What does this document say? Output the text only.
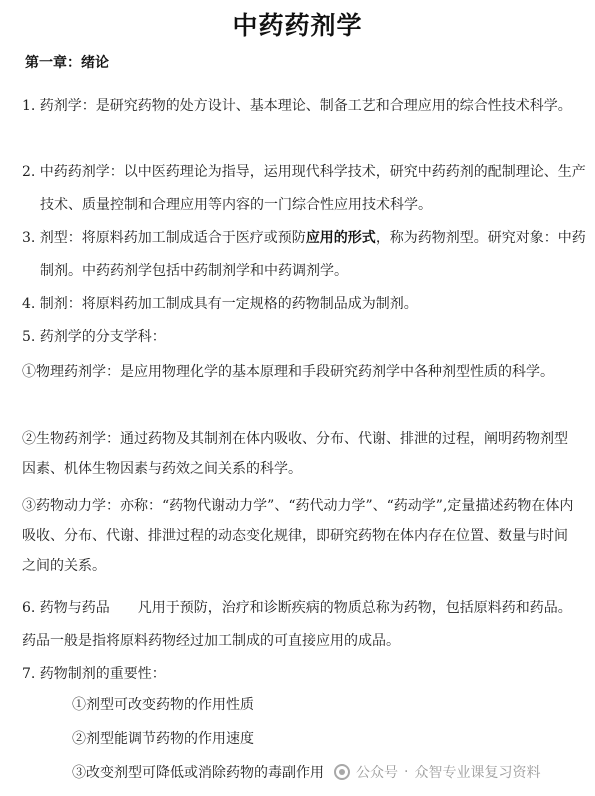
中药药剂学
第一章：绪论

1. 药剂学：是研究药物的处方设计、基本理论、制备工艺和合理应用的综合性技术科学。

2. 中药药剂学：以中医药理论为指导，运用现代科学技术，研究中药药剂的配制理论、生产技术、质量控制和合理应用等内容的一门综合性应用技术科学。

3. 剂型：将原料药加工制成适合于医疗或预防应用的形式，称为药物剂型。研究对象：中药制剂。中药药剂学包括中药制剂学和中药调剂学。

4. 制剂：将原料药加工制成具有一定规格的药物制品成为制剂。

5. 药剂学的分支学科：

①物理药剂学：是应用物理化学的基本原理和手段研究药剂学中各种剂型性质的科学。

②生物药剂学：通过药物及其制剂在体内吸收、分布、代谢、排泄的过程，阐明药物剂型因素、机体生物因素与药效之间关系的科学。

③药物动力学：亦称：“药物代谢动力学”、“药代动力学”、“药动学”,定量描述药物在体内吸收、分布、代谢、排泄过程的动态变化规律，即研究药物在体内存在位置、数量与时间之间的关系。

6. 药物与药品　　凡用于预防，治疗和诊断疾病的物质总称为药物，包括原料药和药品。药品一般是指将原料药物经过加工制成的可直接应用的成品。

7. 药物制剂的重要性：

①剂型可改变药物的作用性质
②剂型能调节药物的作用速度
③改变剂型可降低或消除药物的毒副作用 公众号 · 众智专业课复习资料
